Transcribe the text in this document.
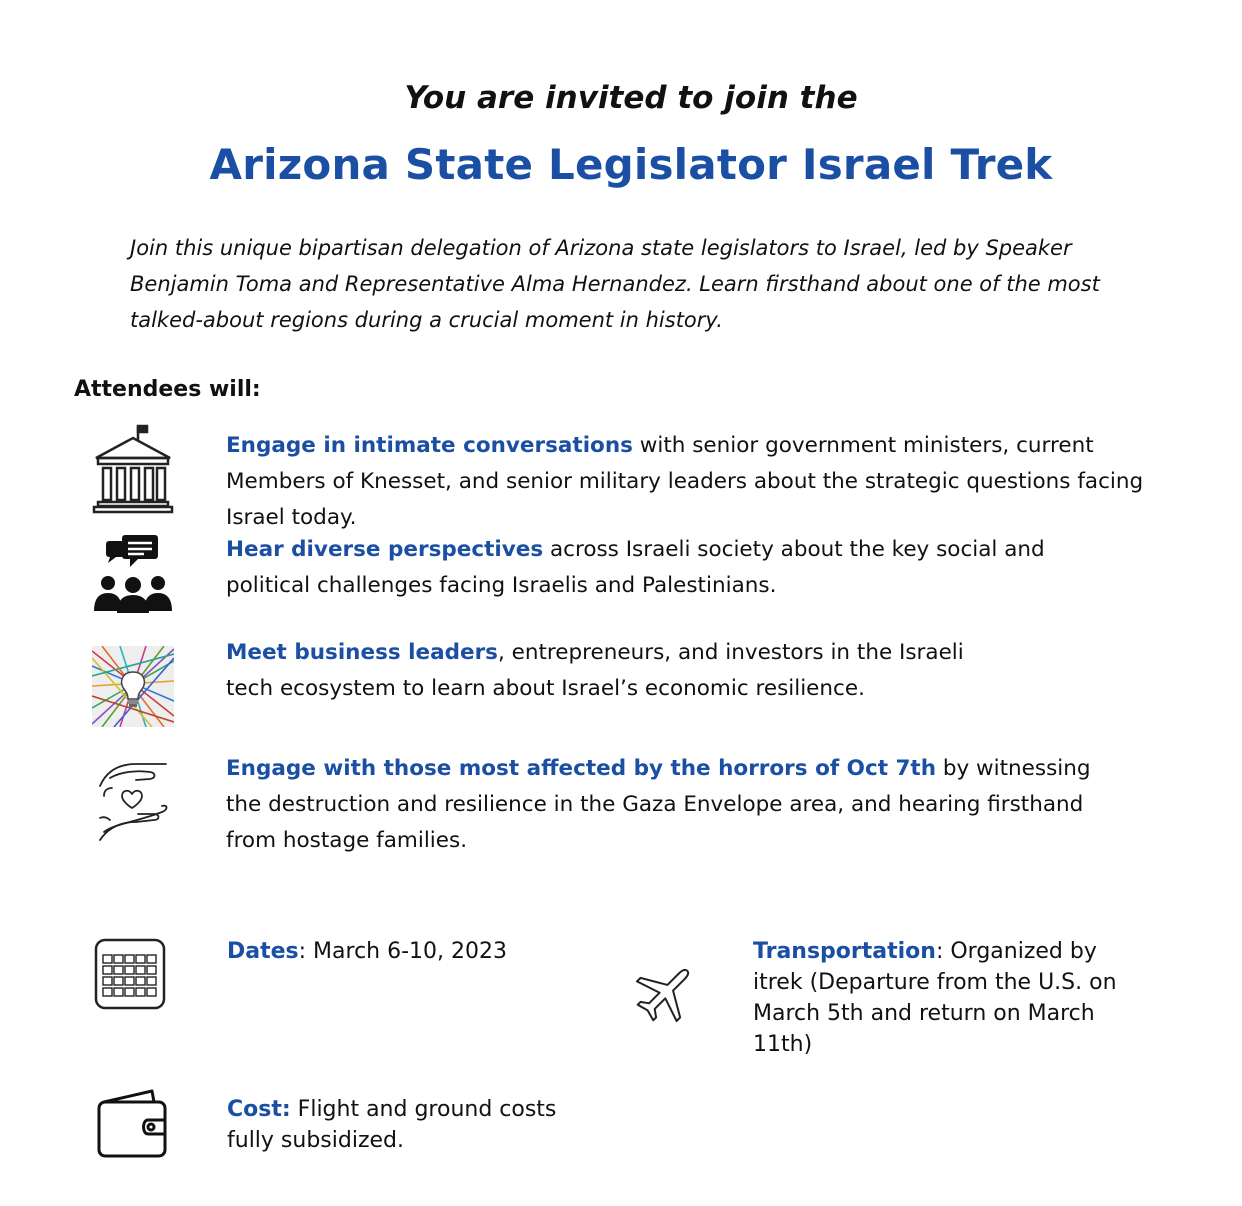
You are invited to join the
Arizona State Legislator Israel Trek
Join this unique bipartisan delegation of Arizona state legislators to Israel, led by Speaker Benjamin Toma and Representative Alma Hernandez. Learn firsthand about one of the most talked-about regions during a crucial moment in history.
Attendees will:
Engage in intimate conversations with senior government ministers, current Members of Knesset, and senior military leaders about the strategic questions facing Israel today.
Hear diverse perspectives across Israeli society about the key social and political challenges facing Israelis and Palestinians.
Meet business leaders, entrepreneurs, and investors in the Israeli tech ecosystem to learn about Israel’s economic resilience.
Engage with those most affected by the horrors of Oct 7th by witnessing the destruction and resilience in the Gaza Envelope area, and hearing firsthand from hostage families.
Dates: March 6-10, 2023	Transportation: Organized by itrek (Departure from the U.S. on March 5th and return on March 11th)
Cost: Flight and ground costs fully subsidized.
